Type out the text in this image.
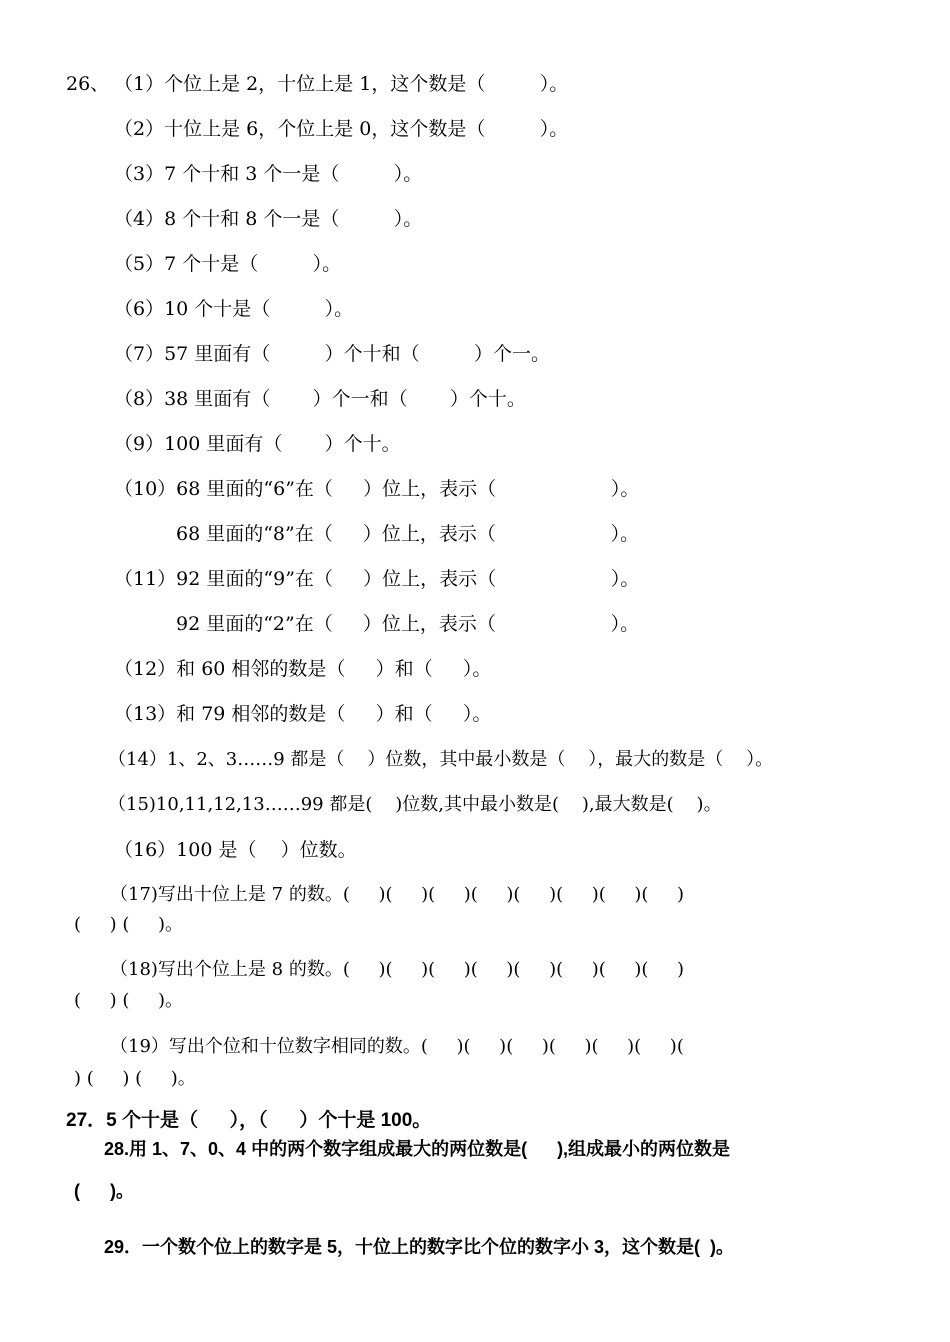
26、 （1）个位上是 2，十位上是 1，这个数是（         ）。
（2）十位上是 6，个位上是 0，这个数是（         ）。
（3）7 个十和 3 个一是（         ）。
（4）8 个十和 8 个一是（         ）。
（5）7 个十是（         ）。
（6）10 个十是（         ）。
（7）57 里面有（         ）个十和（         ）个一。
（8）38 里面有（       ）个一和（       ）个十。
（9）100 里面有（       ）个十。
（10）68 里面的“6”在（     ）位上，表示（                   ）。
68 里面的“8”在（     ）位上，表示（                   ）。
（11）92 里面的“9”在（     ）位上，表示（                   ）。
92 里面的“2”在（     ）位上，表示（                   ）。
（12）和 60 相邻的数是（     ）和（     ）。
（13）和 79 相邻的数是（     ）和（     ）。
（14）1、2、3……9 都是（    ）位数，其中最小数是（    ），最大的数是（    ）。
（15)10,11,12,13……99 都是(    )位数,其中最小数是(    ),最大数是(    )。
（16）100 是（    ）位数。
（17)写出十位上是 7 的数。(     )(     )(     )(     )(     )(     )(     )(     )
(     ) (     )。
（18)写出个位上是 8 的数。(     )(     )(     )(     )(     )(     )(     )(     )
(     ) (     )。
（19）写出个位和十位数字相同的数。(     )(     )(     )(     )(     )(     )(
) (     ) (     )。
27．5 个十是（      ），（      ）个十是 100。
28.用 1、7、0、4 中的两个数字组成最大的两位数是(      ),组成最小的两位数是
(      )。
29．一个数个位上的数字是 5，十位上的数字比个位的数字小 3，这个数是(  )。
